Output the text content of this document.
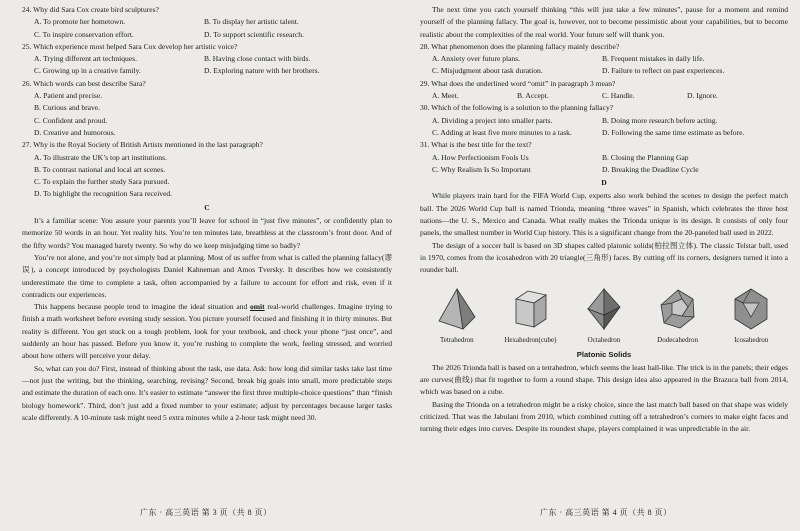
24. Why did Sara Cox create bird sculptures?

A. To promote her hometown.	B. To display her artistic talent.
C. To inspire conservation effort.	D. To support scientific research.

25. Which experience most helped Sara Cox develop her artistic voice?

A. Trying different art techniques.	B. Having close contact with birds.
C. Growing up in a creative family.	D. Exploring nature with her brothers.

26. Which words can best describe Sara?

A. Patient and precise.

B. Curious and brave.

C. Confident and proud.

D. Creative and humorous.

27. Why is the Royal Society of British Artists mentioned in the last paragraph?

A. To illustrate the UK’s top art institutions.

B. To contrast national and local art scenes.

C. To explain the further study Sara pursued.

D. To highlight the recognition Sara received.

C

It’s a familiar scene: You assure your parents you’ll leave for school in “just five minutes”, or confidently plan to memorize 50 words in an hour. Yet reality hits. You’re ten minutes late, breathless at the classroom’s front door. And of the fifty words? You managed barely twenty. So why do we keep misjudging time so badly?

You’re not alone, and you’re not simply bad at planning. Most of us suffer from what is called the planning fallacy(谬误), a concept introduced by psychologists Daniel Kahneman and Amos Tversky. It describes how we consistently underestimate the time to complete a task, often accompanied by a failure to account for effort and risk, even if it contradicts our experiences.

This happens because people tend to imagine the ideal situation and omit real-world challenges. Imagine trying to finish a math worksheet before evening study session. You picture yourself focused and finishing it in thirty minutes. But reality is different. You get stuck on a tough problem, look for your textbook, and check your phone “just once”, and suddenly an hour has passed. Before you know it, you’re rushing to complete the work, feeling stressed, and worried about how others will perceive your delay.

So, what can you do? First, instead of thinking about the task, use data. Ask: how long did similar tasks take last time—not just the writing, but the thinking, searching, revising? Second, break big goals into small, more predictable steps and estimate the duration of each one. It’s easier to estimate “answer the first three multiple-choice questions” than “finish biology homework”. Third, don’t just add a fixed number to your estimate; adjust by percentages because larger tasks scale differently. A 10-minute task might need 5 extra minutes while a 2-hour task might need 30.

广东 · 高三英语 第 3 页（共 8 页）

The next time you catch yourself thinking “this will just take a few minutes”, pause for a moment and remind yourself of the planning fallacy. The goal is, however, not to become pessimistic about your capabilities, but to become realistic about the complexities of the real world. Your future self will thank you.

28. What phenomenon does the planning fallacy mainly describe?

A. Anxiety over future plans.	B. Frequent mistakes in daily life.
C. Misjudgment about task duration.	D. Failure to reflect on past experiences.

29. What does the underlined word “omit” in paragraph 3 mean?

A. Meet.	B. Accept.	C. Handle.	D. Ignore.

30. Which of the following is a solution to the planning fallacy?

A. Dividing a project into smaller parts.	B. Doing more research before acting.
C. Adding at least five more minutes to a task.	D. Following the same time estimate as before.

31. What is the best title for the text?

A. How Perfectionism Fools Us	B. Closing the Planning Gap
C. Why Realism Is So Important	D. Breaking the Deadline Cycle

D

While players train hard for the FIFA World Cup, experts also work behind the scenes to design the perfect match ball. The 2026 World Cup ball is named Trionda, meaning “three waves” in Spanish, which celebrates the three host nations—the U. S., Mexico and Canada. What really makes the Trionda unique is its design. It consists of only four panels, the smallest number in World Cup history. This is a significant change from the 20-paneled ball used in 2022.

The design of a soccer ball is based on 3D shapes called platonic solids(柏拉图立体). The classic Telstar ball, used in 1970, comes from the icosahedron with 20 triangle(三角形) faces. By cutting off its corners, designers turned it into a rounder ball.

Tetrahedron	Hexahedron(cube)	Octahedron	Dodecahedron	Icosahedron

Platonic Solids

The 2026 Trionda ball is based on a tetrahedron, which seems the least ball-like. The trick is in the panels; their edges are curves(曲线) that fit together to form a round shape. This design idea also appeared in the Brazuca ball from 2014, which was based on a cube.

Basing the Trionda on a tetrahedron might be a risky choice, since the last match ball based on that shape was widely criticized. That was the Jabulani from 2010, which combined cutting off a tetrahedron’s corners to make eight faces and turning their edges into curves. Despite its roundest shape, players complained it was unpredictable in the air.

广东 · 高三英语 第 4 页（共 8 页）
